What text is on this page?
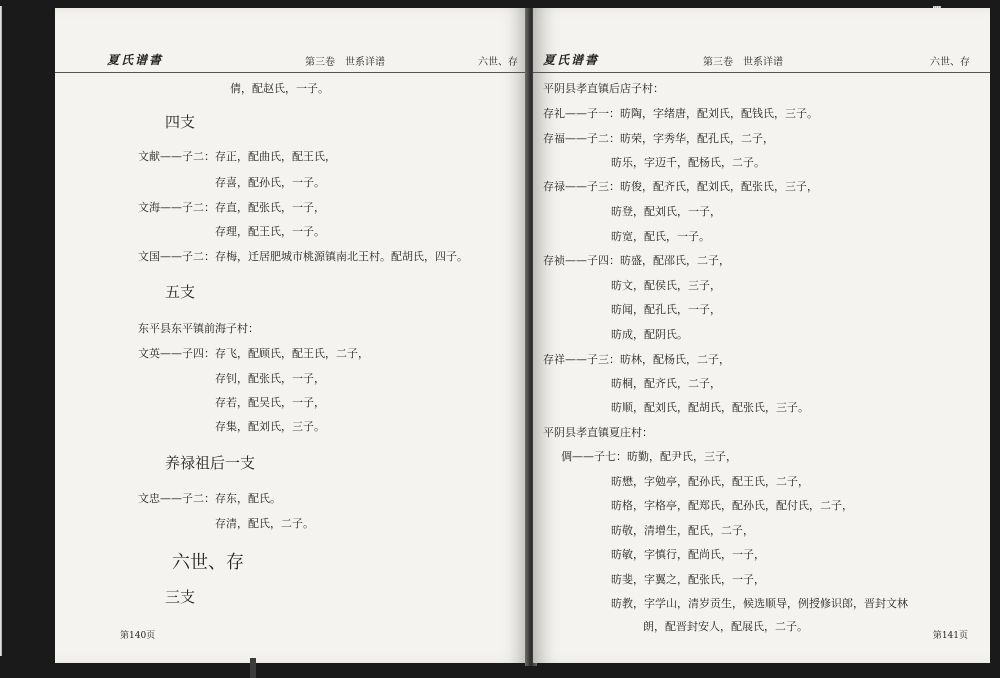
夏氏谱書	第三卷　世系详谱	六世、存
倩，配赵氏，一子。
四支
文献——子二：存正，配曲氏，配王氏，
存喜，配孙氏，一子。
文海——子二：存直，配张氏，一子，
存理，配王氏，一子。
文国——子二：存梅，迁居肥城市桃源镇南北王村。配胡氏，四子。
五支
东平县东平镇前海子村：
文英——子四：存飞，配顾氏，配王氏，二子，
存钊，配张氏，一子，
存若，配吴氏，一子，
存集，配刘氏，三子。
养禄祖后一支
文忠——子二：存东，配氏。
存清，配氏，二子。
六世、存
三支
第140页
夏氏谱書	第三卷　世系详谱	六世、存
平阴县孝直镇后店子村：
存礼——子一：昉陶，字绪唐，配刘氏，配钱氏，三子。
存福——子二：昉荣，字秀华，配孔氏，二子，
昉乐，字迈千，配杨氏，二子。
存禄——子三：昉俊，配齐氏，配刘氏，配张氏，三子，
昉登，配刘氏，一子，
昉宽，配氏，一子。
存祯——子四：昉盛，配邵氏，二子，
昉文，配侯氏，三子，
昉闻，配孔氏，一子，
昉成，配阴氏。
存祥——子三：昉林，配杨氏，二子，
昉桐，配齐氏，二子，
昉顺，配刘氏，配胡氏，配张氏，三子。
平阴县孝直镇夏庄村：
倜——子七：昉勤，配尹氏，三子，
昉懋，字勉亭，配孙氏，配王氏，二子，
昉格，字格亭，配郑氏，配孙氏，配付氏，二子，
昉敬，清增生，配氏，二子，
昉敏，字慎行，配尚氏，一子，
昉斐，字翼之，配张氏，一子，
昉教，字学山，清岁贡生，候选顺导，例授修识郎，晋封文林
朗，配晋封安人，配展氏，二子。
第141页
